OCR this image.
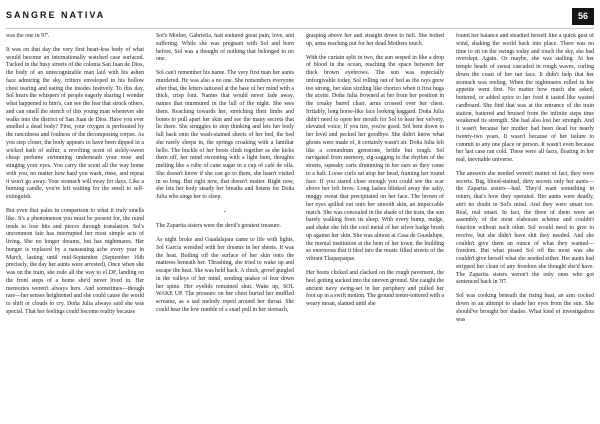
SANGRE NATIVA	56

was the one in 97'.

It was on that day the very first heart-less body of what would become an internationally watched case surfaced. Tucked in the busy streets of the colonia San Juan de Dios, the body of an unrecognizable man laid with his ashen face admiring the sky, critters enveloped in his hollow chest tearing and eating the insides festively. To this day, Sol hears the whispers of people eagerly sharing I wonder what happened to him's, can see the fear that struck others, and can smell the stench of this young man whenever she walks into the district of San Juan de Dios. Have you ever smelled a dead body? First, your oxygen is perforated by the rancidness and foulness of the decomposing corpse. As you step closer, the body appears to have been dipped in a wicked bath of sulfur, a revolting scent of sickly-sweet cheap perfume swimming underneath your nose and stinging your eyes. You carry the scent all the way home with you, no matter how hard you wash, rinse, and repeat it won't go away. Your stomach will sway for days. Like a burning candle, you're left waiting for the smell to self-extinguish.

But even that pales in comparison to what it truly smells like. It's a phenomenon you must be present for, the mind tends to lose bits and pieces through translation. Sol's uncommon fate has interrupted her most simple acts of living. She no longer dreams, but has nightmares. Her hunger is replaced by a nauseating ache every year in March, lasting until mid-September (September 16th precisely, the day her aunts were arrested). Once when she was on the train, she rode all the way to el DF, landing on the front steps of a home she'd never lived in. Her memories weren't always hers. And sometimes—though rare—her senses heightened and she could cause the world to shift or clouds to cry. Doña Julia always said she was special. That her feelings could become reality because

Sol's Mother, Gabriella, had endured great pain, love, and suffering. While she was pregnant with Sol and born before, Sol was a thought of nothing that belonged to no one.

Sol can't remember his name. The very first man her aunts murdered. He was also a no one. She remembers everyone after that, the letters tattooed at the base of her mind with a thick, crisp font. Names that would never fade away, names that murmured in the lull of the night. She sees them. Reaching towards her, stretching their limbs and bones to pull apart her skin and see the many secrets that lie there. She struggles to stop thinking and lets her body fall back onto the wash-stained sheets of her bed, the bed she rarely sleeps in, the springs croaking with a familiar hello. The buckle of her boots clink together as she kicks them off, her mind swooning with a light hum, thoughts melting like a cube of cane sugar in a cup of café de olla. She doesn't know if she can go to them, she hasn't visited in so long. But right now, that doesn't matter. Right now, she lets her body steady her breaths and listens for Doña Julia who sings her to sleep.

-

The Zaparita sisters were the devil's greatest treasure.

As night broke and Guadalajara came to life with lights, Sol García wrestled with her dreams in her sheets. It was the heat. Boiling off the surface of her skin onto the mattress beneath her. Thrashing, she tried to wake up and escape the heat. She was held back. A chick, growl gurgled in the valleys of her mind, sending snakes of fear down her spine. Her eyelids remained shut. Wake up, SOL WAKE UP. The pressure on her chest buried her muffled screams, as a sad melody roped around her throat. She could hear the low rumble of a snarl pull in her stomach,

grasping above her and straight down to hell. She bolted up, arms reaching out for her dead Mothers touch.

With the curtain split in two, the sun seeped in like a drop of blood in the ocean, reaching the space between her thick brown eyebrows. The sun was especially unforgivable today, Sol rolling out of bed as the rays grew too strong, her skin sizzling like chorizo when it first hugs the aceite. Doña Julia frowned at her from her position in the creaky barrel chair, arms crossed over her chest. Irritably, long horse-like face looking haggard. Doña Julia didn't need to open her mouth for Sol to hear her velvety, elevated voice; If you tire, you're good. Sol bent down to her level and pecked her goodbye. She didn't know what ghosts were made of, it certainly wasn't air. Doña Julia felt like a conundrum gemstone, brittle but tough. Sol navigated from memory, zig-zagging to the rhythm of the streets, squeaky carts drumming in her ears as they came to a halt. Loose curls sat atop her head, framing her round face. If you stared close enough you could see the scar above her left brow. Long lashes blinked away the salty, muggy sweat that precipitated on her face. The brown of her eyes spilled out onto her smooth skin, an impeccable match. She was concealed in the shade of the train, the sun barely walking from its sleep. With every bump, nudge, and shake she felt the cool metal of her silver badge brush up against her skin. She was almost at Casa de Guadalupe, the mental institution at the hem of her town, the building so enormous that it bled into the music filled streets of the vibrant Tlaquepaque.

Her boots clicked and clacked on the rough pavement, the heel getting sucked into the uneven ground. She caught the ancient navy swing-set in her periphery and pulled her foot up in a swift motion. The ground teeter-tottered with a weary moan, slanted until she

found her balance and steadied herself like a quick gust of wind, shaking the world back into place. There was no time to sit on the swings today and touch the sky, she had overslept. Again. Or maybe, she was stalling. At her temple beads of sweat cascaded in rough waves, curling down the coast of her tan face. It didn't help that her stomach was reeling. When the nightmares rolled in her appetite went first. No matter how much she asked, buttered, or added spice to her food it tasted like wasted cardboard. She find that was at the entrance of the train station, battered and bruised from the infinite steps time weakened its strength. She had also lost her strength. And it wasn't because her mother had been dead for nearly twenty-two years. It wasn't because of her failure to commit to any one place or person. It wasn't even because her last case ran cold. These were all facts, floating in her real, inevitable universe.

The answers she needed weren't matter of fact, they were secrets. Big, blood-stained, dirty secrets only her aunts—the Zaparita sisters—had. They'd want something in return, that's how they operated. Her aunts were deadly, ain't no doubt in Sol's mind. And they were smart too. Real, real smart. In fact, the three of them were an assembly of the most elaborate scheme and couldn't function without each other. Sol would need to give to receive, but she didn't have shit they needed. And she couldn't give them an ounce of what they wanted—freedom. But what pissed Sol off the most was she couldn't give herself what she needed either. Her aunts had stripped her clean of any freedom she thought she'd have. The Zaparita sisters weren't the only ones who got sentenced back in '97.

Sol was cooking beneath the rising heat, an arm cocked down in an attempt to shade her eyes from the sun. She should've brought her shades. What kind of investigadora was
